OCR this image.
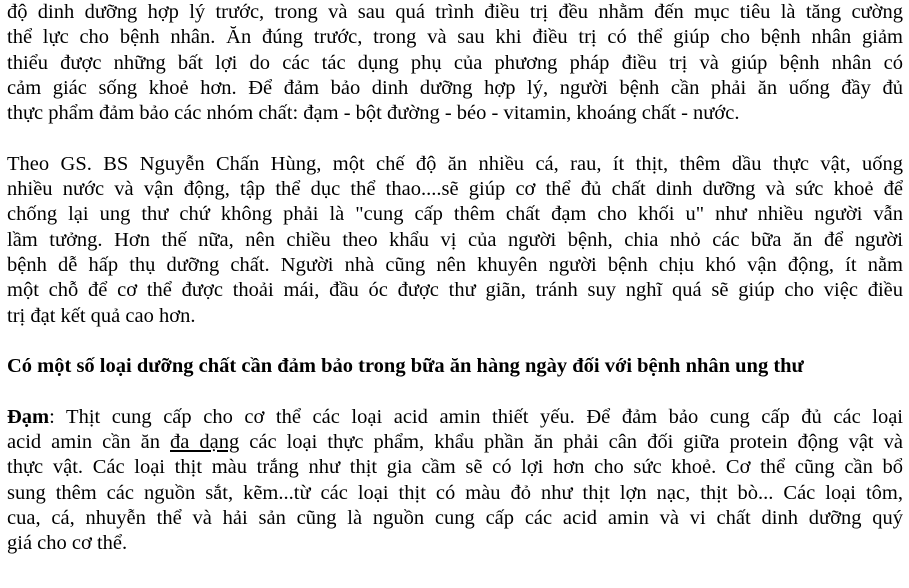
độ dinh dưỡng hợp lý trước, trong và sau quá trình điều trị đều nhằm đến mục tiêu là tăng cường
thể lực cho bệnh nhân. Ăn đúng trước, trong và sau khi điều trị có thể giúp cho bệnh nhân giảm
thiểu được những bất lợi do các tác dụng phụ của phương pháp điều trị và giúp bệnh nhân có
cảm giác sống khoẻ hơn. Để đảm bảo dinh dưỡng hợp lý, người bệnh cần phải ăn uống đầy đủ
thực phẩm đảm bảo các nhóm chất: đạm - bột đường - béo - vitamin, khoáng chất - nước.
Theo GS. BS Nguyễn Chấn Hùng, một chế độ ăn nhiều cá, rau, ít thịt, thêm dầu thực vật, uống
nhiều nước và vận động, tập thể dục thể thao....sẽ giúp cơ thể đủ chất dinh dưỡng và sức khoẻ để
chống lại ung thư chứ không phải là "cung cấp thêm chất đạm cho khối u" như nhiều người vẫn
lầm tưởng. Hơn thế nữa, nên chiều theo khẩu vị của người bệnh, chia nhỏ các bữa ăn để người
bệnh dễ hấp thụ dưỡng chất. Người nhà cũng nên khuyên người bệnh chịu khó vận động, ít nằm
một chỗ để cơ thể được thoải mái, đầu óc được thư giãn, tránh suy nghĩ quá sẽ giúp cho việc điều
trị đạt kết quả cao hơn.
Có một số loại dưỡng chất cần đảm bảo trong bữa ăn hàng ngày đối với bệnh nhân ung thư
Đạm: Thịt cung cấp cho cơ thể các loại acid amin thiết yếu. Để đảm bảo cung cấp đủ các loại
acid amin cần ăn đa dạng các loại thực phẩm, khẩu phần ăn phải cân đối giữa protein động vật và
thực vật. Các loại thịt màu trắng như thịt gia cầm sẽ có lợi hơn cho sức khoẻ. Cơ thể cũng cần bổ
sung thêm các nguồn sắt, kẽm...từ các loại thịt có màu đỏ như thịt lợn nạc, thịt bò... Các loại tôm,
cua, cá, nhuyễn thể và hải sản cũng là nguồn cung cấp các acid amin và vi chất dinh dưỡng quý
giá cho cơ thể.
